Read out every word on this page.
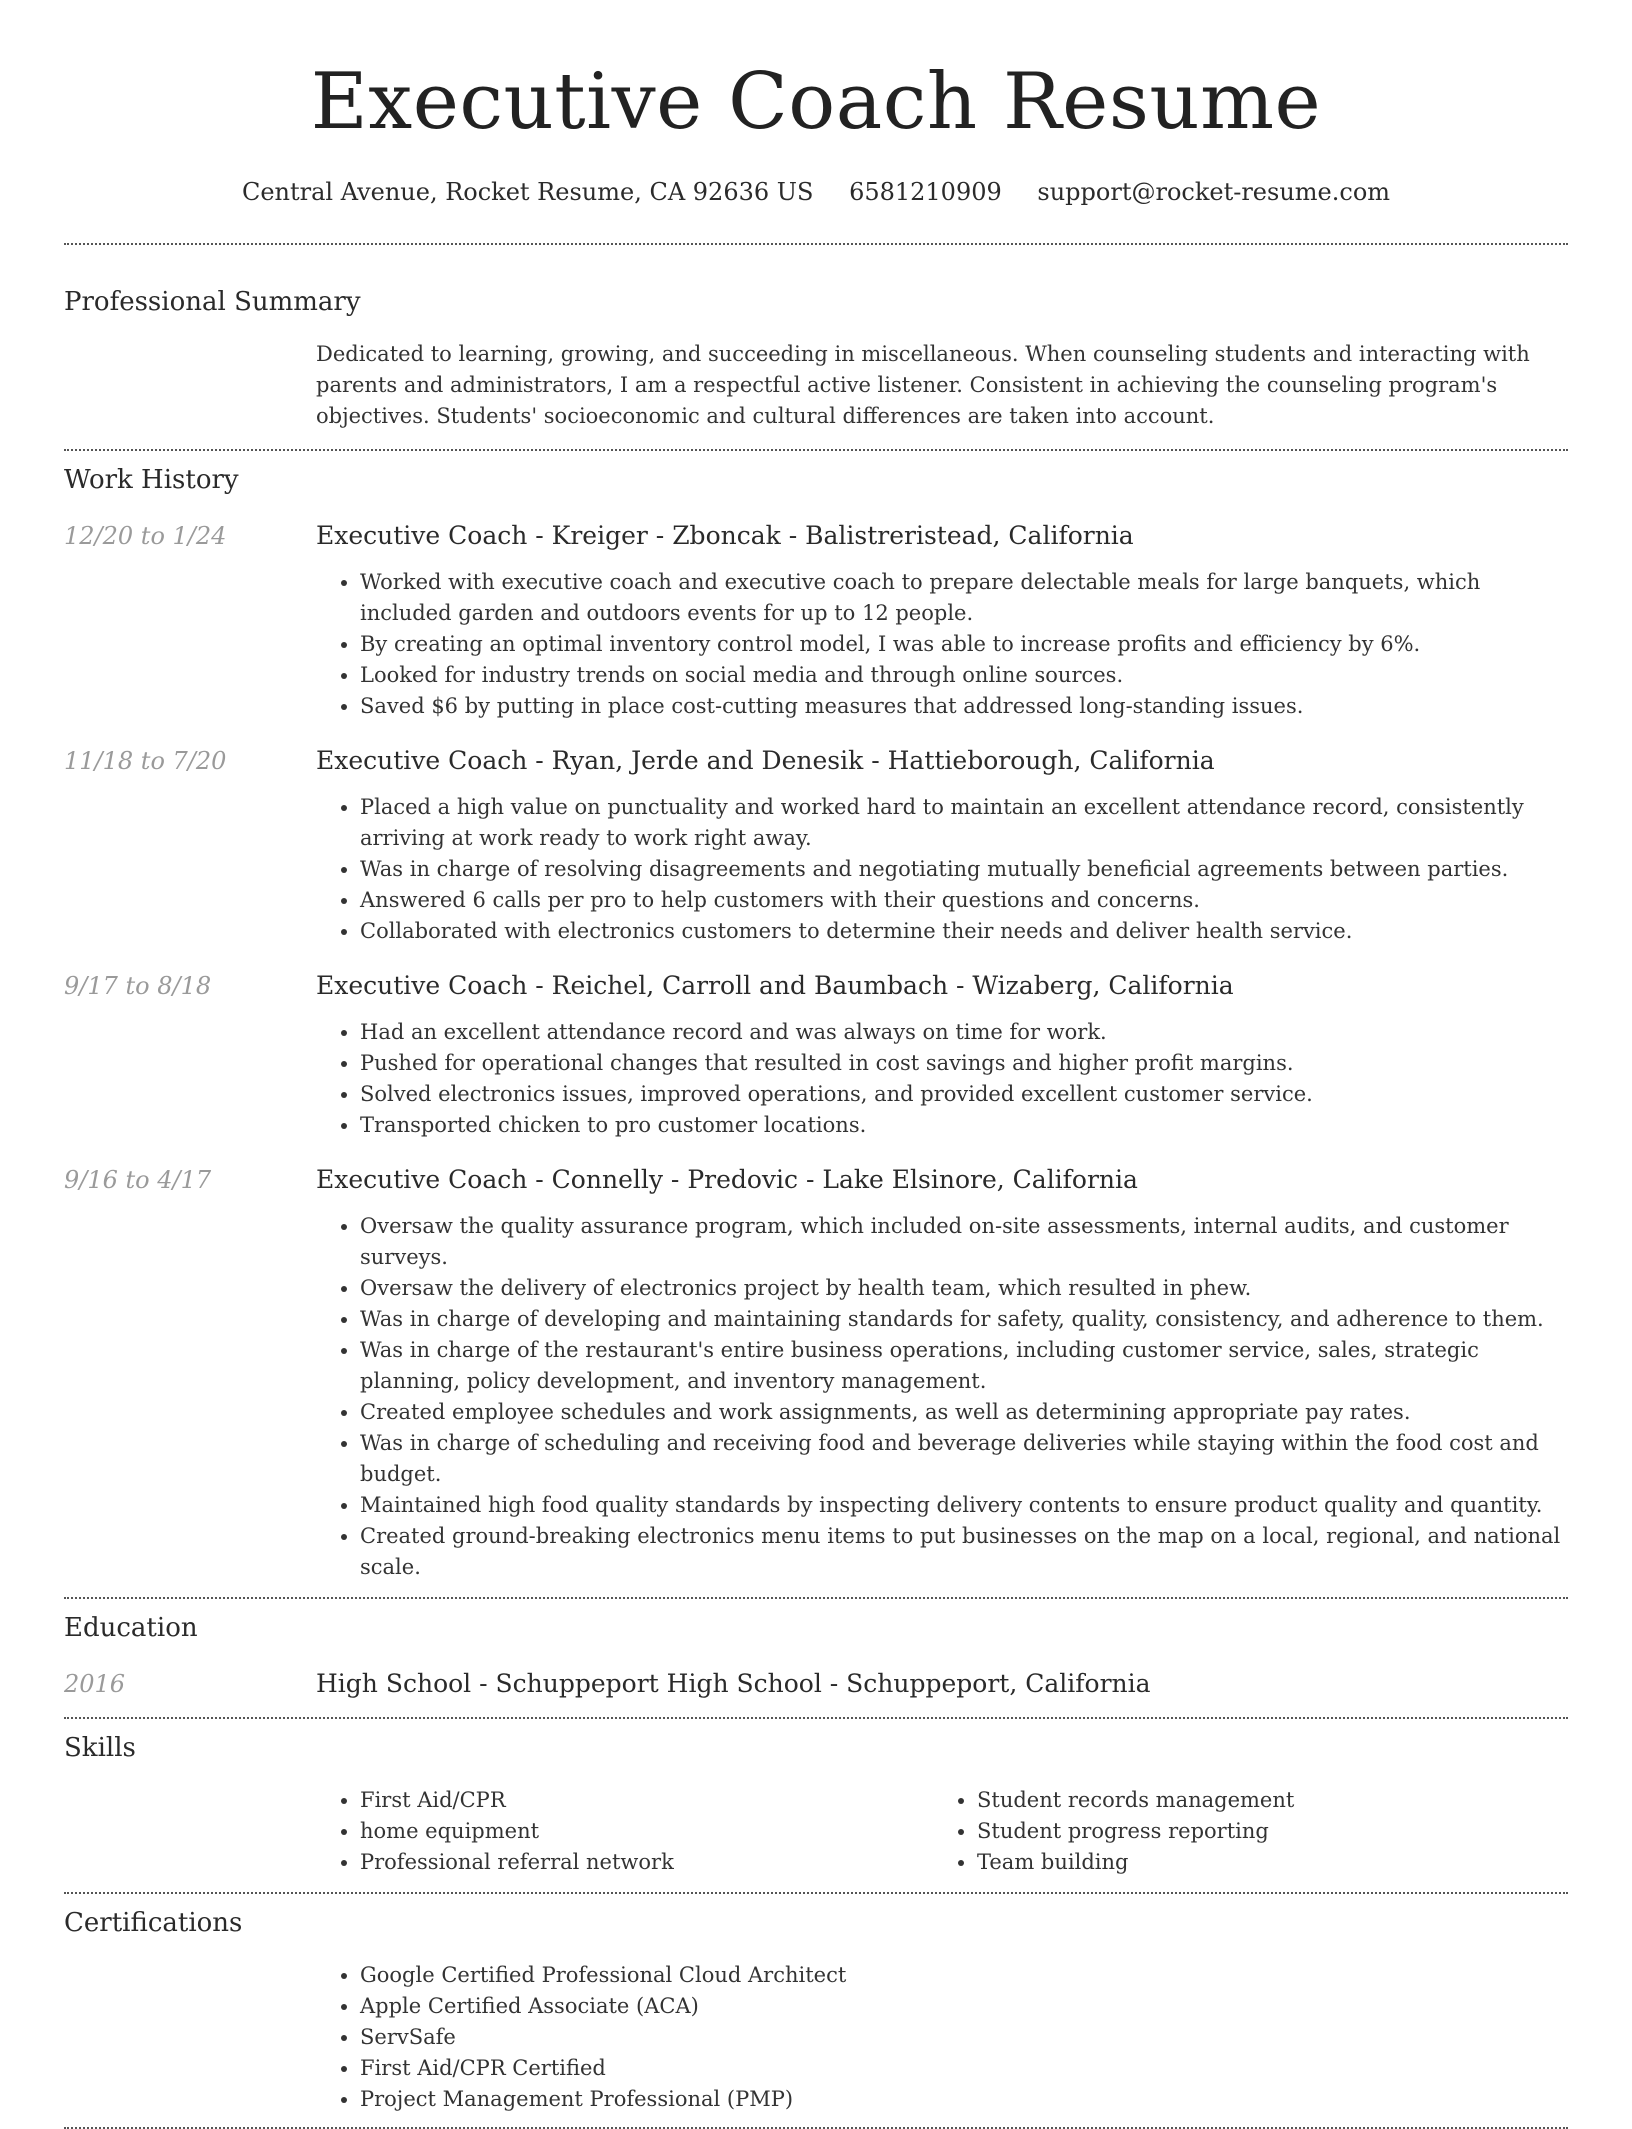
Executive Coach Resume
Central Avenue, Rocket Resume, CA 92636 US 6581210909 support@rocket-resume.com
Professional Summary
Dedicated to learning, growing, and succeeding in miscellaneous. When counseling students and interacting with parents and administrators, I am a respectful active listener. Consistent in achieving the counseling program's objectives. Students' socioeconomic and cultural differences are taken into account.
Work History
12/20 to 1/24	Executive Coach - Kreiger - Zboncak - Balistreristead, California
• Worked with executive coach and executive coach to prepare delectable meals for large banquets, which included garden and outdoors events for up to 12 people.
• By creating an optimal inventory control model, I was able to increase profits and efficiency by 6%.
• Looked for industry trends on social media and through online sources.
• Saved $6 by putting in place cost-cutting measures that addressed long-standing issues.
11/18 to 7/20	Executive Coach - Ryan, Jerde and Denesik - Hattieborough, California
• Placed a high value on punctuality and worked hard to maintain an excellent attendance record, consistently arriving at work ready to work right away.
• Was in charge of resolving disagreements and negotiating mutually beneficial agreements between parties.
• Answered 6 calls per pro to help customers with their questions and concerns.
• Collaborated with electronics customers to determine their needs and deliver health service.
9/17 to 8/18	Executive Coach - Reichel, Carroll and Baumbach - Wizaberg, California
• Had an excellent attendance record and was always on time for work.
• Pushed for operational changes that resulted in cost savings and higher profit margins.
• Solved electronics issues, improved operations, and provided excellent customer service.
• Transported chicken to pro customer locations.
9/16 to 4/17	Executive Coach - Connelly - Predovic - Lake Elsinore, California
• Oversaw the quality assurance program, which included on-site assessments, internal audits, and customer surveys.
• Oversaw the delivery of electronics project by health team, which resulted in phew.
• Was in charge of developing and maintaining standards for safety, quality, consistency, and adherence to them.
• Was in charge of the restaurant's entire business operations, including customer service, sales, strategic planning, policy development, and inventory management.
• Created employee schedules and work assignments, as well as determining appropriate pay rates.
• Was in charge of scheduling and receiving food and beverage deliveries while staying within the food cost and budget.
• Maintained high food quality standards by inspecting delivery contents to ensure product quality and quantity.
• Created ground-breaking electronics menu items to put businesses on the map on a local, regional, and national scale.
Education
2016	High School - Schuppeport High School - Schuppeport, California
Skills
• First Aid/CPR
• home equipment
• Professional referral network
• Student records management
• Student progress reporting
• Team building
Certifications
• Google Certified Professional Cloud Architect
• Apple Certified Associate (ACA)
• ServSafe
• First Aid/CPR Certified
• Project Management Professional (PMP)
